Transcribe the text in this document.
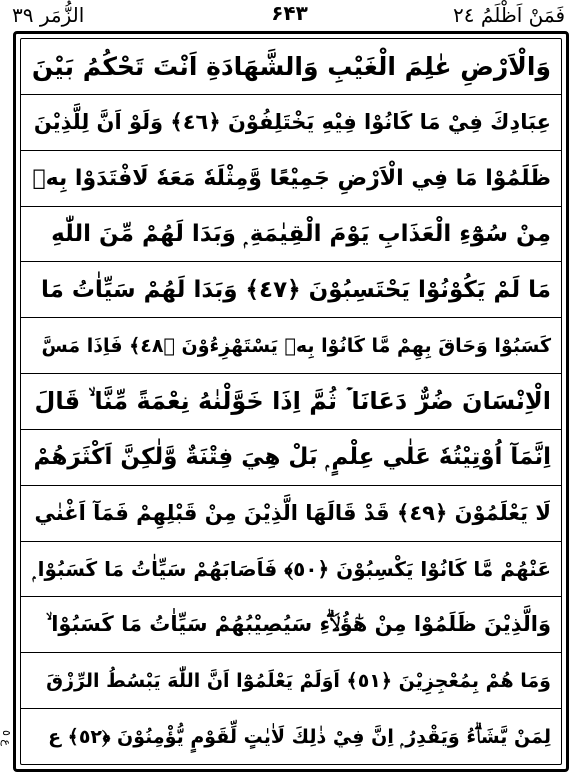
الزُّمَر ٣٩	۶۴۳	فَمَنْ اَظْلَمُ ٢٤
وَالْاَرْضِ عٰلِمَ الْغَيْبِ وَالشَّهَادَةِ اَنْتَ تَحْكُمُ بَيْنَ
عِبَادِكَ فِيْ مَا كَانُوْا فِيْهِ يَخْتَلِفُوْنَ ﴿٤٦﴾ وَلَوْ اَنَّ لِلَّذِيْنَ
ظَلَمُوْا مَا فِي الْاَرْضِ جَمِيْعًا وَّمِثْلَهٗ مَعَهٗ لَافْتَدَوْا بِهٖ
مِنْ سُوْٓءِ الْعَذَابِ يَوْمَ الْقِيٰمَةِ ۭ وَبَدَا لَهُمْ مِّنَ اللّٰهِ
مَا لَمْ يَكُوْنُوْا يَحْتَسِبُوْنَ ﴿٤٧﴾ وَبَدَا لَهُمْ سَيِّاٰتُ مَا
كَسَبُوْا وَحَاقَ بِهِمْ مَّا كَانُوْا بِهٖ يَسْتَهْزِءُوْنَ ﴿٤٨﴾ فَاِذَا مَسَّ
الْاِنْسَانَ ضُرٌّ دَعَانَا ۡ ثُمَّ اِذَا خَوَّلْنٰهُ نِعْمَةً مِّنَّا ۙ قَالَ
اِنَّمَآ اُوْتِيْتُهٗ عَلٰي عِلْمٍ ۭ بَلْ هِيَ فِتْنَةٌ وَّلٰكِنَّ اَكْثَرَهُمْ
لَا يَعْلَمُوْنَ ﴿٤٩﴾ قَدْ قَالَهَا الَّذِيْنَ مِنْ قَبْلِهِمْ فَمَآ اَغْنٰي
عَنْهُمْ مَّا كَانُوْا يَكْسِبُوْنَ ﴿٥٠﴾ فَاَصَابَهُمْ سَيِّاٰتُ مَا كَسَبُوْا ۭ
وَالَّذِيْنَ ظَلَمُوْا مِنْ هٰٓؤُلَاۗءِ سَيُصِيْبُهُمْ سَيِّاٰتُ مَا كَسَبُوْا ۙ
وَمَا هُمْ بِمُعْجِزِيْنَ ﴿٥١﴾ اَوَلَمْ يَعْلَمُوْٓا اَنَّ اللّٰهَ يَبْسُطُ الرِّزْقَ
لِمَنْ يَّشَاۗءُ وَيَقْدِرُ ۭ اِنَّ فِيْ ذٰلِكَ لَاٰيٰتٍ لِّقَوْمٍ يُّؤْمِنُوْنَ ﴿٥٢﴾ ع
ع ٥
